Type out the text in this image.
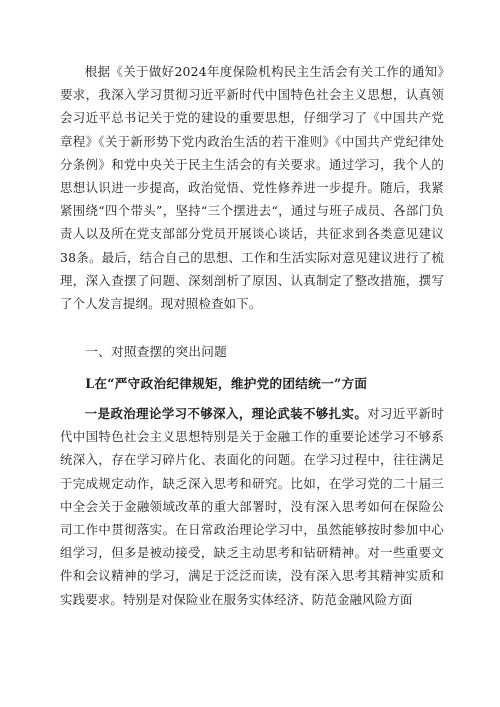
根据《关于做好2024年度保险机构民主生活会有关工作的通知》要求，我深入学习贯彻习近平新时代中国特色社会主义思想，认真领会习近平总书记关于党的建设的重要思想，仔细学习了《中国共产党章程》《关于新形势下党内政治生活的若干准则》《中国共产党纪律处分条例》和党中央关于民主生活会的有关要求。通过学习，我个人的思想认识进一步提高，政治觉悟、党性修养进一步提升。随后，我紧紧围绕“四个带头”，坚持“三个摆进去“，通过与班子成员、各部门负责人以及所在党支部部分党员开展谈心谈话，共征求到各类意见建议38条。最后，结合自己的思想、工作和生活实际对意见建议进行了梳理，深入查摆了问题、深刻剖析了原因、认真制定了整改措施，撰写了个人发言提纲。现对照检查如下。

一、对照查摆的突出问题

L在“严守政治纪律规矩，维护党的团结统一”方面

一是政治理论学习不够深入，理论武装不够扎实。对习近平新时代中国特色社会主义思想特别是关于金融工作的重要论述学习不够系统深入，存在学习碎片化、表面化的问题。在学习过程中，往往满足于完成规定动作，缺乏深入思考和研究。比如，在学习党的二十届三中全会关于金融领域改革的重大部署时，没有深入思考如何在保险公司工作中贯彻落实。在日常政治理论学习中，虽然能够按时参加中心组学习，但多是被动接受，缺乏主动思考和钻研精神。对一些重要文件和会议精神的学习，满足于泛泛而读，没有深入思考其精神实质和实践要求。特别是对保险业在服务实体经济、防范金融风险方面
